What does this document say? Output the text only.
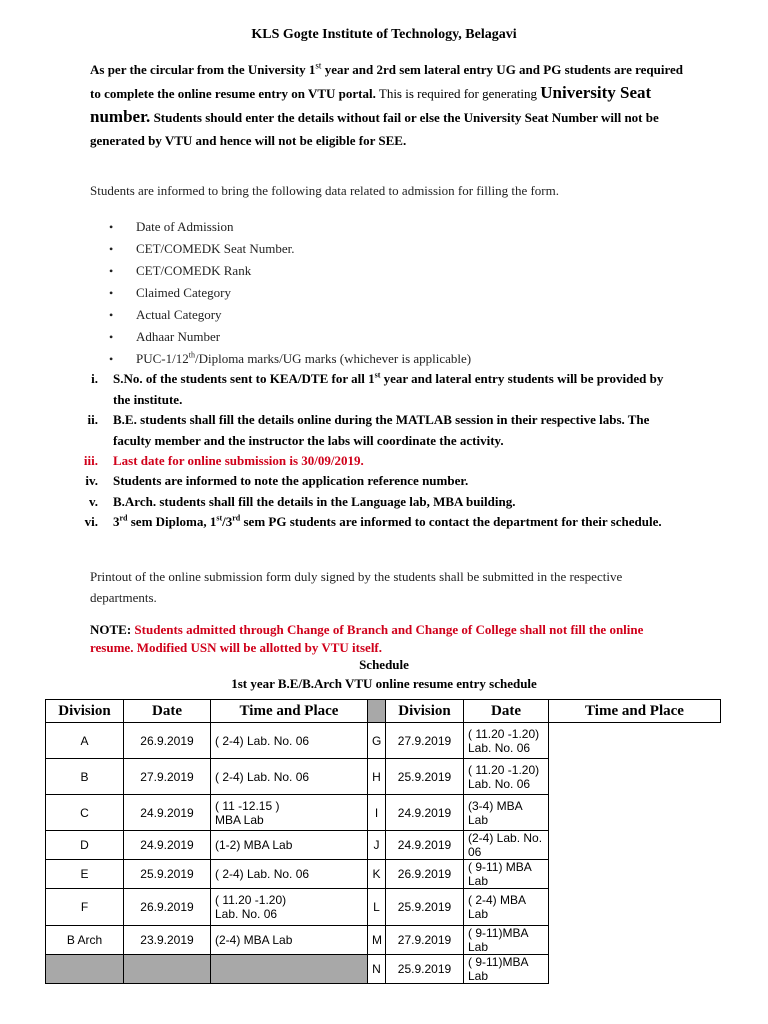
KLS Gogte Institute of Technology, Belagavi
As per the circular from the University 1st year and 2rd sem lateral entry UG and PG students are required to complete the online resume entry on VTU portal. This is required for generating University Seat number. Students should enter the details without fail or else the University Seat Number will not be generated by VTU and hence will not be eligible for SEE.
Students are informed to bring the following data related to admission for filling the form.
• Date of Admission
• CET/COMEDK Seat Number.
• CET/COMEDK Rank
• Claimed Category
• Actual Category
• Adhaar Number
• PUC-1/12th/Diploma marks/UG marks (whichever is applicable)
i. S.No. of the students sent to KEA/DTE for all 1st year and lateral entry students will be provided by the institute.
ii. B.E. students shall fill the details online during the MATLAB session in their respective labs. The faculty member and the instructor the labs will coordinate the activity.
iii. Last date for online submission is 30/09/2019.
iv. Students are informed to note the application reference number.
v. B.Arch. students shall fill the details in the Language lab, MBA building.
vi. 3rd sem Diploma, 1st/3rd sem PG students are informed to contact the department for their schedule.
Printout of the online submission form duly signed by the students shall be submitted in the respective departments.
NOTE: Students admitted through Change of Branch and Change of College shall not fill the online resume. Modified USN will be allotted by VTU itself.
Schedule
1st year B.E/B.Arch VTU online resume entry schedule
Division	Date	Time and Place		Division	Date	Time and Place
A	26.9.2019	( 2-4) Lab. No. 06	G	27.9.2019	( 11.20 -1.20)
Lab. No. 06	
B	27.9.2019	( 2-4) Lab. No. 06	H	25.9.2019	( 11.20 -1.20)
Lab. No. 06	
C	24.9.2019	( 11 -12.15 )
MBA Lab	I	24.9.2019	(3-4) MBA Lab	
D	24.9.2019	(1-2) MBA Lab	J	24.9.2019	(2-4) Lab. No. 06	
E	25.9.2019	( 2-4) Lab. No. 06	K	26.9.2019	( 9-11) MBA Lab	
F	26.9.2019	( 11.20 -1.20)
Lab. No. 06	L	25.9.2019	( 2-4) MBA Lab	
B Arch	23.9.2019	(2-4) MBA Lab	M	27.9.2019	( 9-11)MBA Lab	
			N	25.9.2019	( 9-11)MBA Lab	
